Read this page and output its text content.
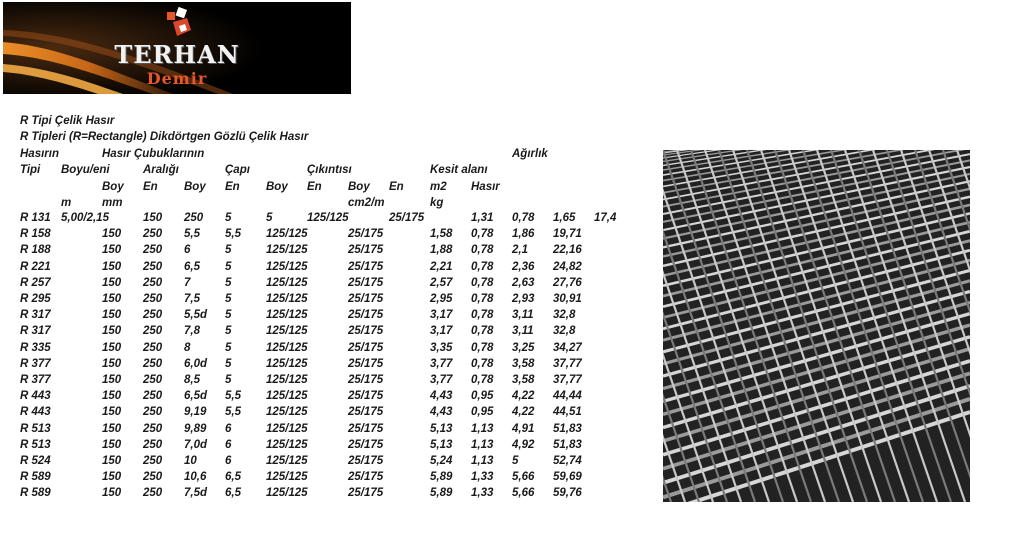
TERHAN
Demir
R Tipi Çelik Hasır
R Tipleri (R=Rectangle) Dikdörtgen Gözlü Çelik Hasır
Hasırın	Hasır Çubuklarının	Ağırlık
Tipi Boyu/eni	Aralığı	Çapı	Çıkıntısı	Kesit alanı
Boy En Boy En Boy En Boy En m2 Hasır
m	mm	cm2/m	kg
R 131 5,00/2,15	150 250 5	5	125/125	25/175	1,31 0,78 1,65 17,4
R 158	150 250 5,5 5,5 125/125	25/175	1,58 0,78 1,86 19,71
R 188	150 250 6	5	125/125	25/175	1,88 0,78 2,1 22,16
R 221	150 250 6,5 5	125/125	25/175	2,21 0,78 2,36 24,82
R 257	150 250 7	5	125/125	25/175	2,57 0,78 2,63 27,76
R 295	150 250 7,5 5	125/125	25/175	2,95 0,78 2,93 30,91
R 317	150 250 5,5d 5	125/125	25/175	3,17 0,78 3,11 32,8
R 317	150 250 7,8 5	125/125	25/175	3,17 0,78 3,11 32,8
R 335	150 250 8	5	125/125	25/175	3,35 0,78 3,25 34,27
R 377	150 250 6,0d 5	125/125	25/175	3,77 0,78 3,58 37,77
R 377	150 250 8,5 5	125/125	25/175	3,77 0,78 3,58 37,77
R 443	150 250 6,5d 5,5 125/125	25/175	4,43 0,95 4,22 44,44
R 443	150 250 9,19 5,5 125/125	25/175	4,43 0,95 4,22 44,51
R 513	150 250 9,89 6	125/125	25/175	5,13 1,13 4,91 51,83
R 513	150 250 7,0d 6	125/125	25/175	5,13 1,13 4,92 51,83
R 524	150 250 10 6	125/125	25/175	5,24 1,13 5	52,74
R 589	150 250 10,6 6,5 125/125	25/175	5,89 1,33 5,66 59,69
R 589	150 250 7,5d 6,5 125/125	25/175	5,89 1,33 5,66 59,76
